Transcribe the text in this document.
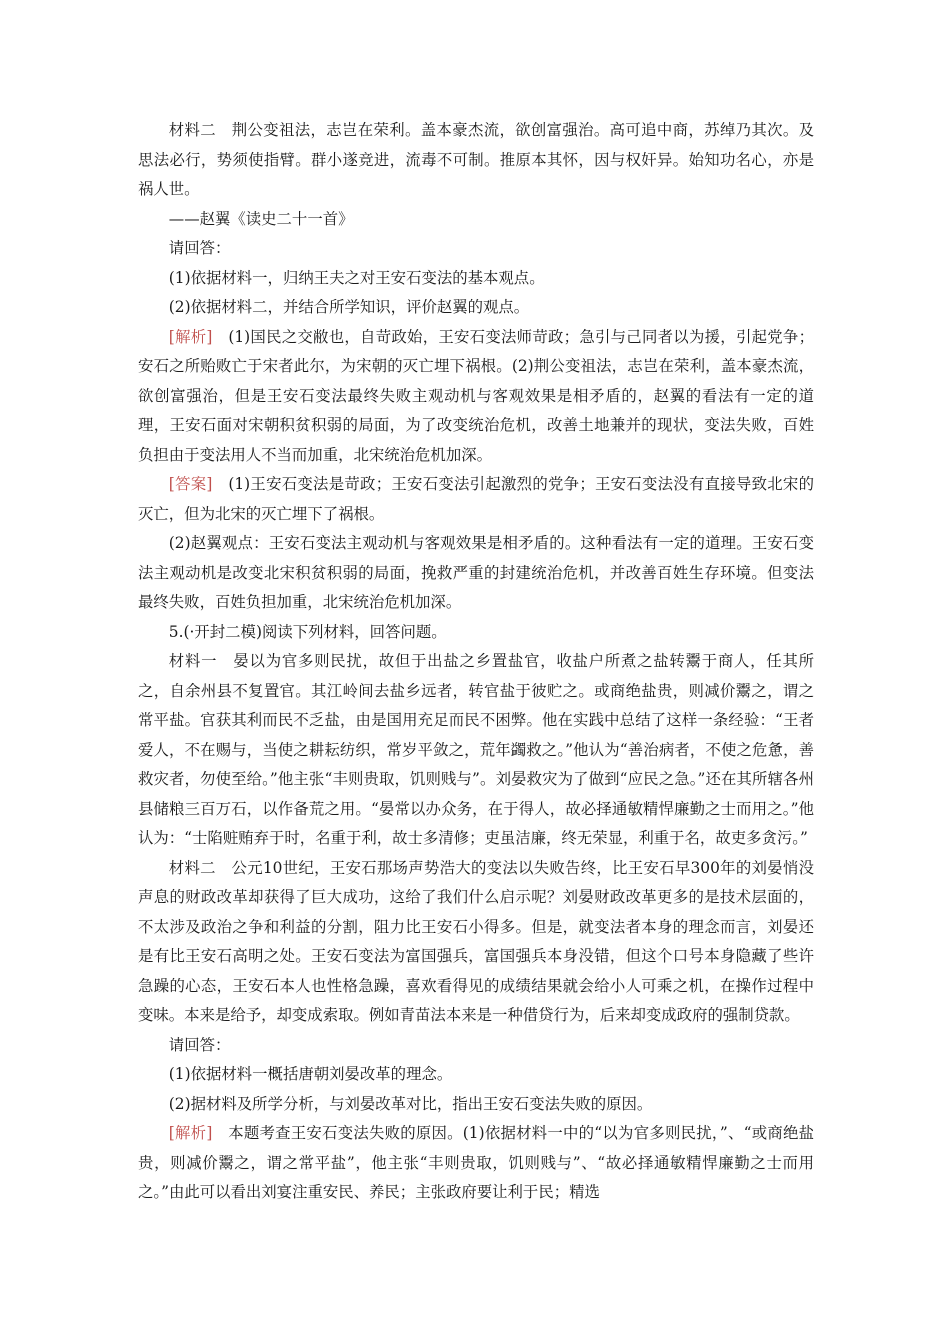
材料二　荆公变祖法，志岂在荣利。盖本豪杰流，欲创富强治。高可追中商，苏绰乃其次。及思法必行，势须使指臂。群小遂竞进，流毒不可制。推原本其怀，因与权奸异。始知功名心，亦是祸人世。

——赵翼《读史二十一首》

请回答：

(1)依据材料一，归纳王夫之对王安石变法的基本观点。

(2)依据材料二，并结合所学知识，评价赵翼的观点。

[解析]　(1)国民之交敝也，自苛政始，王安石变法师苛政；急引与己同者以为援，引起党争；安石之所贻败亡于宋者此尔，为宋朝的灭亡埋下祸根。(2)荆公变祖法，志岂在荣利，盖本豪杰流，欲创富强治，但是王安石变法最终失败主观动机与客观效果是相矛盾的，赵翼的看法有一定的道理，王安石面对宋朝积贫积弱的局面，为了改变统治危机，改善土地兼并的现状，变法失败，百姓负担由于变法用人不当而加重，北宋统治危机加深。

[答案]　(1)王安石变法是苛政；王安石变法引起激烈的党争；王安石变法没有直接导致北宋的灭亡，但为北宋的灭亡埋下了祸根。

(2)赵翼观点：王安石变法主观动机与客观效果是相矛盾的。这种看法有一定的道理。王安石变法主观动机是改变北宋积贫积弱的局面，挽救严重的封建统治危机，并改善百姓生存环境。但变法最终失败，百姓负担加重，北宋统治危机加深。

5.(·开封二模)阅读下列材料，回答问题。

材料一　晏以为官多则民扰，故但于出盐之乡置盐官，收盐户所煮之盐转鬻于商人，任其所之，自余州县不复置官。其江岭间去盐乡远者，转官盐于彼贮之。或商绝盐贵，则减价鬻之，谓之常平盐。官获其利而民不乏盐，由是国用充足而民不困弊。他在实践中总结了这样一条经验：“王者爱人，不在赐与，当使之耕耘纺织，常岁平敛之，荒年蠲救之。”他认为“善治病者，不使之危惫，善救灾者，勿使至给。”他主张“丰则贵取，饥则贱与”。刘晏救灾为了做到“应民之急。”还在其所辖各州县储粮三百万石，以作备荒之用。“晏常以办众务，在于得人，故必择通敏精悍廉勤之士而用之。”他认为：“士陷赃贿弃于时，名重于利，故士多清修；吏虽洁廉，终无荣显，利重于名，故吏多贪污。”

材料二　公元10世纪，王安石那场声势浩大的变法以失败告终，比王安石早300年的刘晏悄没声息的财政改革却获得了巨大成功，这给了我们什么启示呢？刘晏财政改革更多的是技术层面的，不太涉及政治之争和利益的分割，阻力比王安石小得多。但是，就变法者本身的理念而言，刘晏还是有比王安石高明之处。王安石变法为富国强兵，富国强兵本身没错，但这个口号本身隐藏了些许急躁的心态，王安石本人也性格急躁，喜欢看得见的成绩结果就会给小人可乘之机，在操作过程中变味。本来是给予，却变成索取。例如青苗法本来是一种借贷行为，后来却变成政府的强制贷款。

请回答：

(1)依据材料一概括唐朝刘晏改革的理念。

(2)据材料及所学分析，与刘晏改革对比，指出王安石变法失败的原因。

[解析]　本题考查王安石变法失败的原因。(1)依据材料一中的“以为官多则民扰，”、“或商绝盐贵，则减价鬻之，谓之常平盐”，他主张“丰则贵取，饥则贱与”、“故必择通敏精悍廉勤之士而用之。”由此可以看出刘宴注重安民、养民；主张政府要让利于民；精选
